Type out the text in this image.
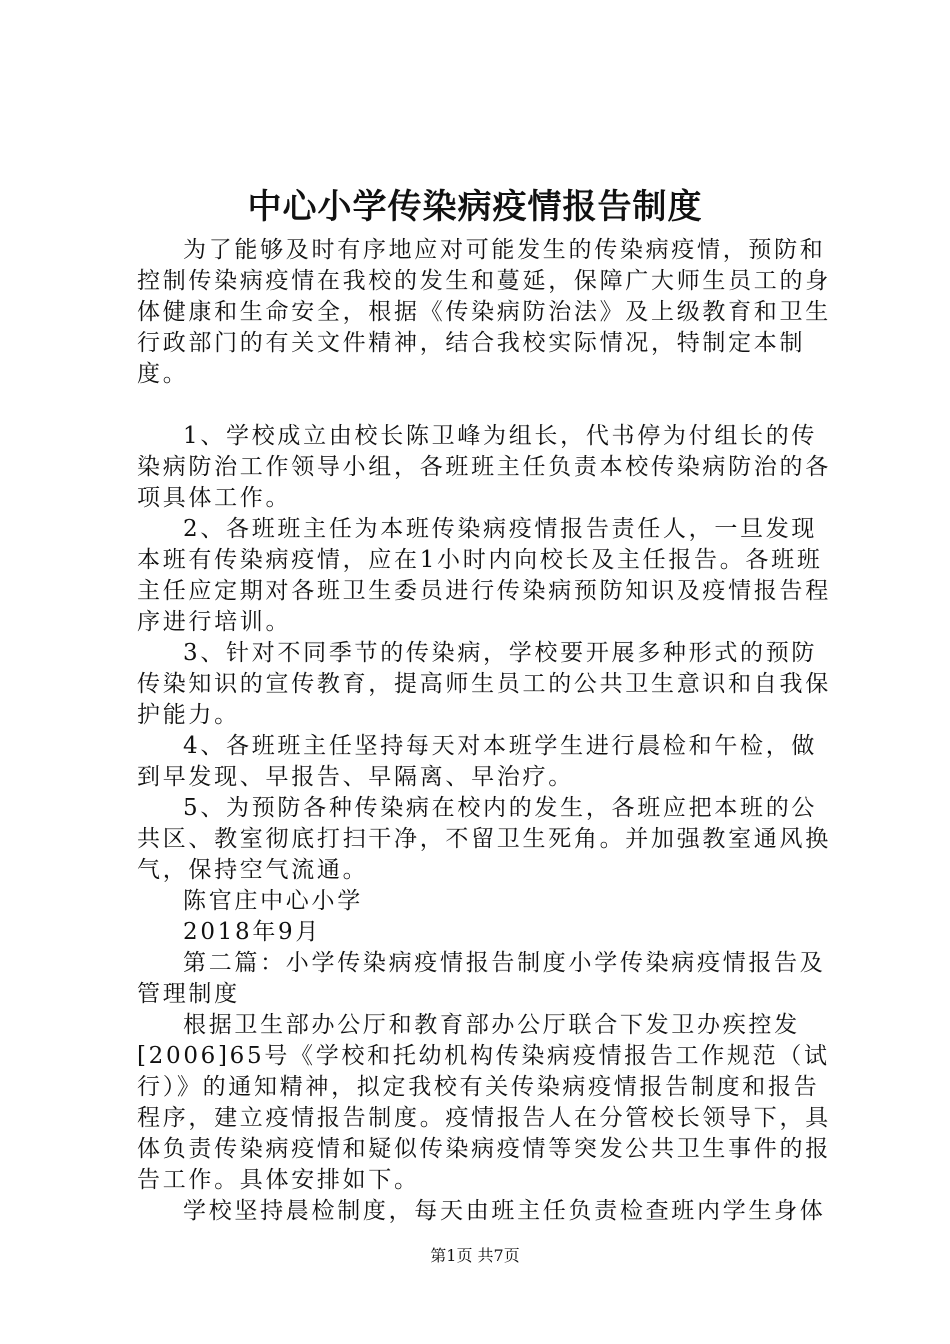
中心小学传染病疫情报告制度

为了能够及时有序地应对可能发生的传染病疫情，预防和控制传染病疫情在我校的发生和蔓延，保障广大师生员工的身体健康和生命安全，根据《传染病防治法》及上级教育和卫生行政部门的有关文件精神，结合我校实际情况，特制定本制度。

1、学校成立由校长陈卫峰为组长，代书停为付组长的传染病防治工作领导小组，各班班主任负责本校传染病防治的各项具体工作。

2、各班班主任为本班传染病疫情报告责任人，一旦发现本班有传染病疫情，应在1小时内向校长及主任报告。各班班主任应定期对各班卫生委员进行传染病预防知识及疫情报告程序进行培训。

3、针对不同季节的传染病，学校要开展多种形式的预防传染知识的宣传教育，提高师生员工的公共卫生意识和自我保护能力。

4、各班班主任坚持每天对本班学生进行晨检和午检，做到早发现、早报告、早隔离、早治疗。

5、为预防各种传染病在校内的发生，各班应把本班的公共区、教室彻底打扫干净，不留卫生死角。并加强教室通风换气，保持空气流通。

陈官庄中心小学

2018年9月

第二篇：小学传染病疫情报告制度小学传染病疫情报告及管理制度

根据卫生部办公厅和教育部办公厅联合下发卫办疾控发[2006]65号《学校和托幼机构传染病疫情报告工作规范（试行）》的通知精神，拟定我校有关传染病疫情报告制度和报告程序，建立疫情报告制度。疫情报告人在分管校长领导下，具体负责传染病疫情和疑似传染病疫情等突发公共卫生事件的报告工作。具体安排如下。

学校坚持晨检制度，每天由班主任负责检查班内学生身体

第1页 共7页
